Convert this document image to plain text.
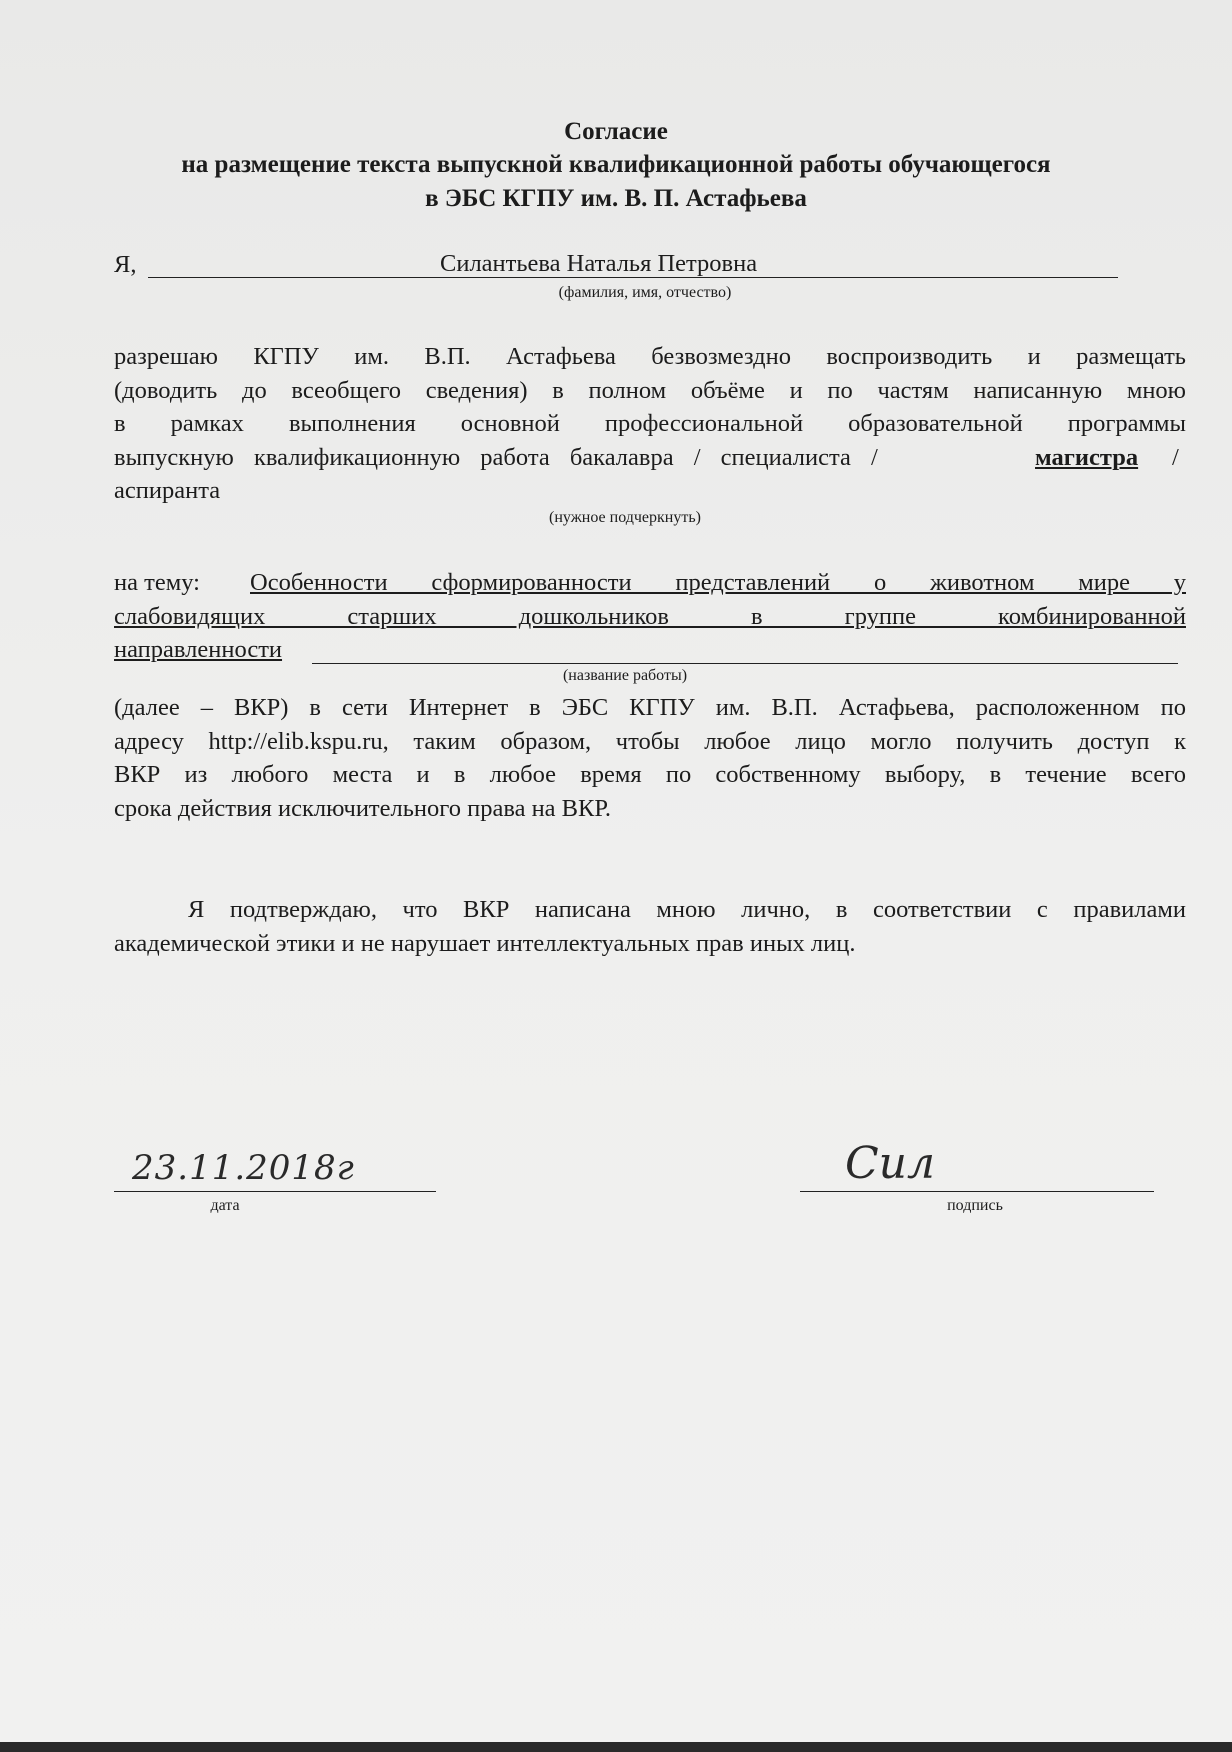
Согласие
на размещение текста выпускной квалификационной работы обучающегося
в ЭБС КГПУ им. В. П. Астафьева
Я,	Силантьева Наталья Петровна
(фамилия, имя, отчество)
разрешаю КГПУ им. В.П. Астафьева безвозмездно воспроизводить и размещать
(доводить до всеобщего сведения) в полном объёме и по частям написанную мною
в рамках выполнения основной профессиональной образовательной программы
выпускную квалификационную работа бакалавра / специалиста /	магистра /
аспиранта
(нужное подчеркнуть)
на тему: Особенности сформированности представлений о животном мире у
слабовидящих старших дошкольников в группе комбинированной
направленности
(название работы)
(далее – ВКР) в сети Интернет в ЭБС КГПУ им. В.П. Астафьева, расположенном по
адресу http://elib.kspu.ru, таким образом, чтобы любое лицо могло получить доступ к
ВКР из любого места и в любое время по собственному выбору, в течение всего
срока действия исключительного права на ВКР.
Я подтверждаю, что ВКР написана мною лично, в соответствии с правилами
академической этики и не нарушает интеллектуальных прав иных лиц.
23.11.2018г
дата
Сил
подпись
